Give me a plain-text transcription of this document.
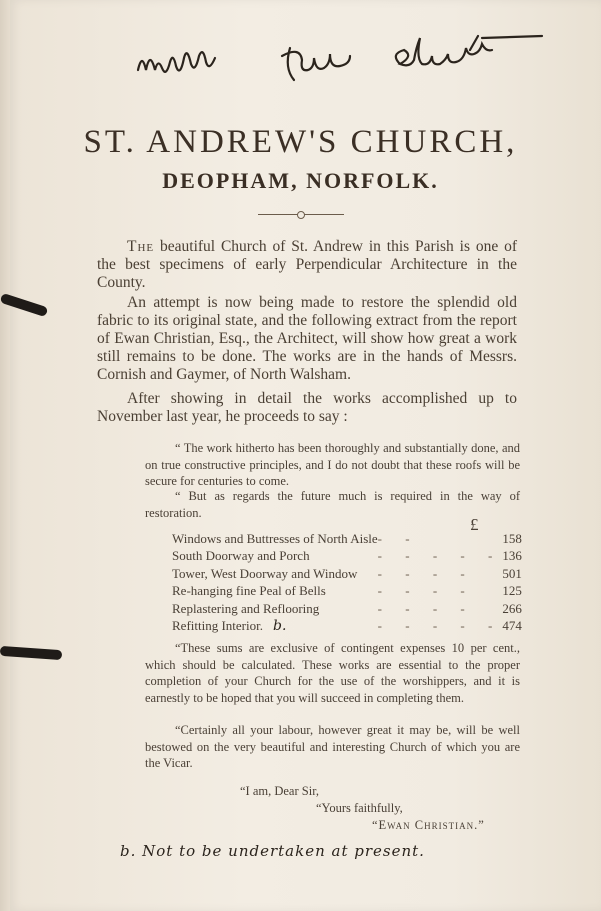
ST. ANDREW'S CHURCH,
DEOPHAM, NORFOLK.

The beautiful Church of St. Andrew in this Parish is one of the best specimens of early Perpendicular Architecture in the County.

An attempt is now being made to restore the splendid old fabric to its original state, and the following extract from the report of Ewan Christian, Esq., the Architect, will show how great a work still remains to be done. The works are in the hands of Messrs. Cornish and Gaymer, of North Walsham.

After showing in detail the works accomplished up to November last year, he proceeds to say :

“ The work hitherto has been thoroughly and substantially done, and on true constructive principles, and I do not doubt that these roofs will be secure for centuries to come.

“ But as regards the future much is required in the way of restoration.

£
Windows and Buttresses of North Aisle	- -	158
South Doorway and Porch	- - - - -	136
Tower, West Doorway and Window	- - - -	501
Re-hanging fine Peal of Bells	- - - -	125
Replastering and Reflooring	- - - -	266
Refitting Interior. b.	- - - - -	474

“These sums are exclusive of contingent expenses 10 per cent., which should be calculated. These works are essential to the proper completion of your Church for the use of the worshippers, and it is earnestly to be hoped that you will succeed in completing them.

“Certainly all your labour, however great it may be, will be well bestowed on the very beautiful and interesting Church of which you are the Vicar.

“I am, Dear Sir,
“Yours faithfully,
“Ewan Christian.”
b. Not to be undertaken at present.
